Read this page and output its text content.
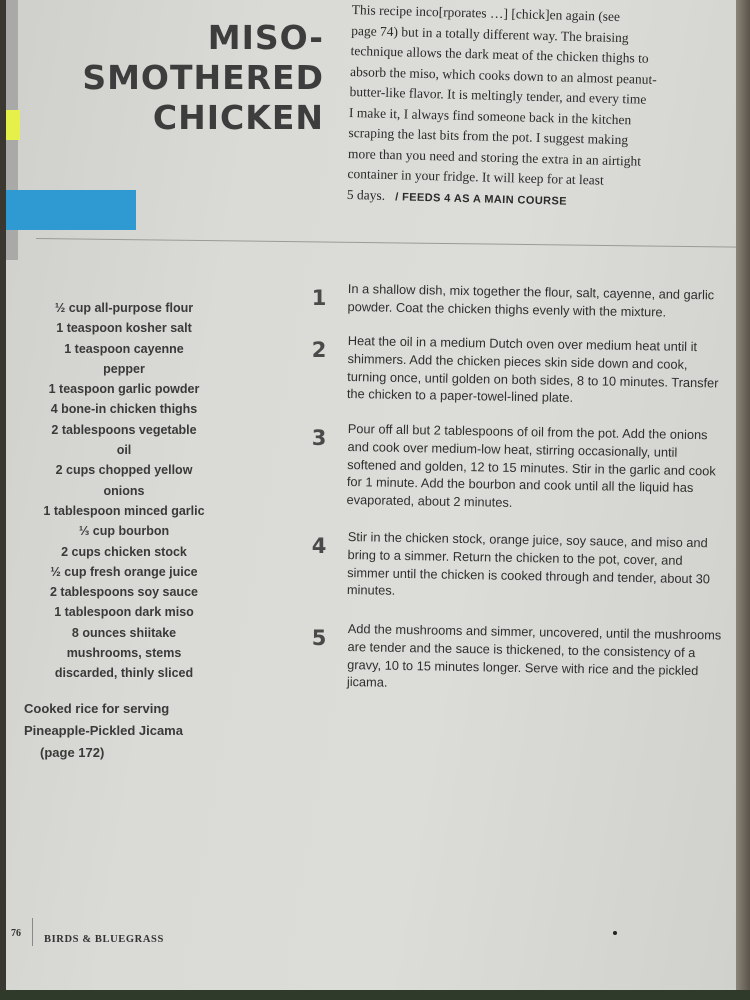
MISO-
SMOTHERED
CHICKEN
This recipe inco[rporates …] [chick]en again (see
page 74) but in a totally different way. The braising
technique allows the dark meat of the chicken thighs to
absorb the miso, which cooks down to an almost peanut-
butter-like flavor. It is meltingly tender, and every time
I make it, I always find someone back in the kitchen
scraping the last bits from the pot. I suggest making
more than you need and storing the extra in an airtight
container in your fridge. It will keep for at least
5 days. / FEEDS 4 AS A MAIN COURSE
½ cup all-purpose flour
1 teaspoon kosher salt
1 teaspoon cayenne
pepper
1 teaspoon garlic powder
4 bone-in chicken thighs
2 tablespoons vegetable
oil
2 cups chopped yellow
onions
1 tablespoon minced garlic
⅓ cup bourbon
2 cups chicken stock
½ cup fresh orange juice
2 tablespoons soy sauce
1 tablespoon dark miso
8 ounces shiitake
mushrooms, stems
discarded, thinly sliced
Cooked rice for serving
Pineapple-Pickled Jicama
(page 172)
1	In a shallow dish, mix together the flour, salt, cayenne, and garlic powder. Coat the chicken thighs evenly with the mixture.
2	Heat the oil in a medium Dutch oven over medium heat until it shimmers. Add the chicken pieces skin side down and cook, turning once, until golden on both sides, 8 to 10 minutes. Transfer the chicken to a paper-towel-lined plate.
3	Pour off all but 2 tablespoons of oil from the pot. Add the onions and cook over medium-low heat, stirring occasionally, until softened and golden, 12 to 15 minutes. Stir in the garlic and cook for 1 minute. Add the bourbon and cook until all the liquid has evaporated, about 2 minutes.
4	Stir in the chicken stock, orange juice, soy sauce, and miso and bring to a simmer. Return the chicken to the pot, cover, and simmer until the chicken is cooked through and tender, about 30 minutes.
5	Add the mushrooms and simmer, uncovered, until the mushrooms are tender and the sauce is thickened, to the consistency of a gravy, 10 to 15 minutes longer. Serve with rice and the pickled jicama.
76
BIRDS & BLUEGRASS
